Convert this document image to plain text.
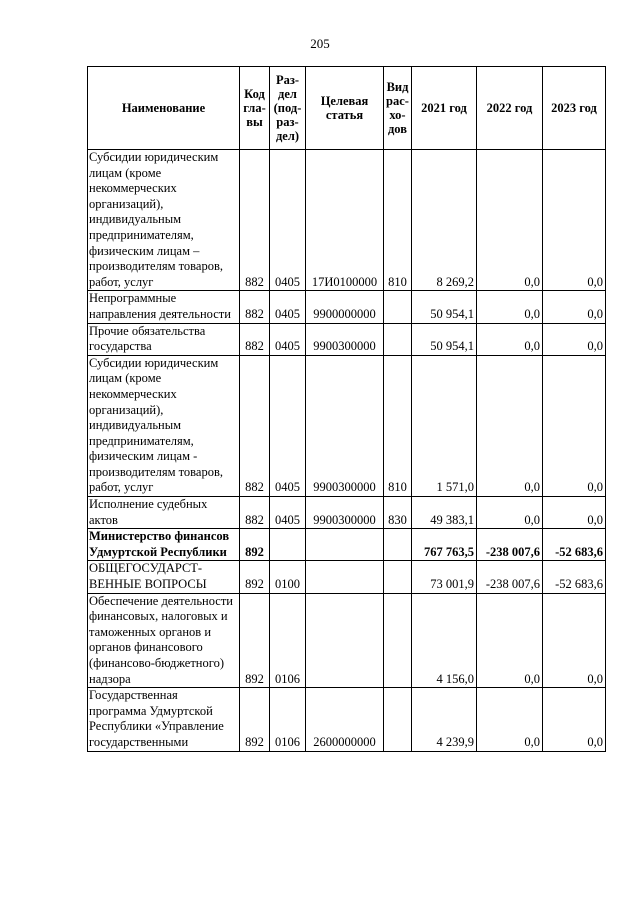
205
Наименование	Код гла-вы	Раз-дел (под-раз-дел)	Целевая статья	Вид рас-хо-дов	2021 год	2022 год	2023 год
Субсидии юридическим лицам (кроме некоммерческих организаций), индивидуальным предпринимателям, физическим лицам – производителям товаров, работ, услуг	882	0405	17И0100000	810	8 269,2	0,0	0,0
Непрограммные направления деятельности	882	0405	9900000000		50 954,1	0,0	0,0
Прочие обязательства государства	882	0405	9900300000		50 954,1	0,0	0,0
Субсидии юридическим лицам (кроме некоммерческих организаций), индивидуальным предпринимателям, физическим лицам - производителям товаров, работ, услуг	882	0405	9900300000	810	1 571,0	0,0	0,0
Исполнение судебных актов	882	0405	9900300000	830	49 383,1	0,0	0,0
Министерство финансов Удмуртской Республики	892				767 763,5	-238 007,6	-52 683,6
ОБЩЕГОСУДАРСТ-ВЕННЫЕ ВОПРОСЫ	892	0100			73 001,9	-238 007,6	-52 683,6
Обеспечение деятельности финансовых, налоговых и таможенных органов и органов финансового (финансово-бюджетного) надзора	892	0106			4 156,0	0,0	0,0
Государственная программа Удмуртской Республики «Управление государственными	892	0106	2600000000		4 239,9	0,0	0,0
